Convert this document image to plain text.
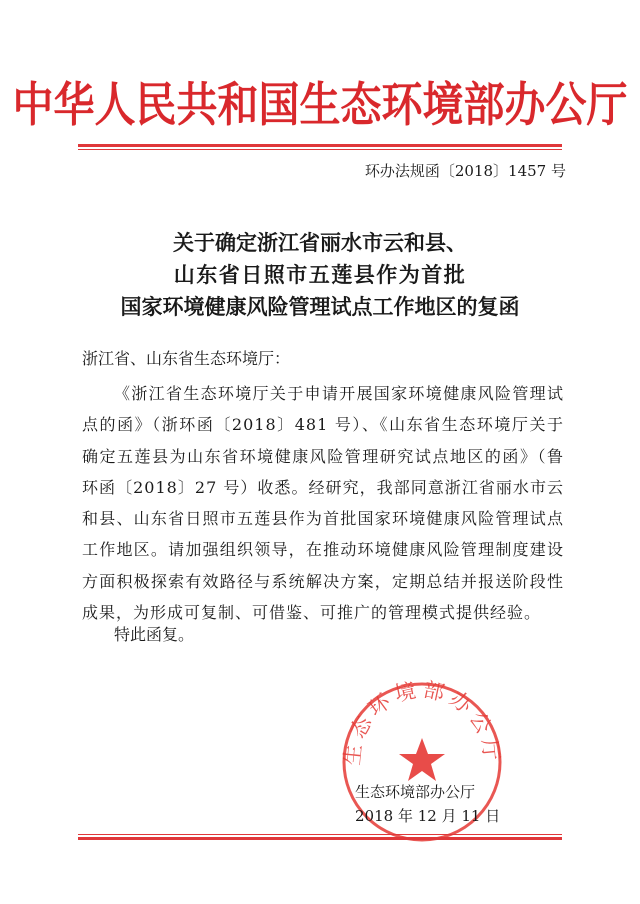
中华人民共和国生态环境部办公厅
环办法规函〔2018〕1457 号
关于确定浙江省丽水市云和县、
山东省日照市五莲县作为首批
国家环境健康风险管理试点工作地区的复函
浙江省、山东省生态环境厅：
《浙江省生态环境厅关于申请开展国家环境健康风险管理试点的函》（浙环函〔2018〕481 号）、《山东省生态环境厅关于确定五莲县为山东省环境健康风险管理研究试点地区的函》（鲁环函〔2018〕27 号）收悉。经研究，我部同意浙江省丽水市云和县、山东省日照市五莲县作为首批国家环境健康风险管理试点工作地区。请加强组织领导，在推动环境健康风险管理制度建设方面积极探索有效路径与系统解决方案，定期总结并报送阶段性成果，为形成可复制、可借鉴、可推广的管理模式提供经验。
特此函复。
生态环境部办公厅
生态环境部办公厅
2018 年 12 月 11 日
